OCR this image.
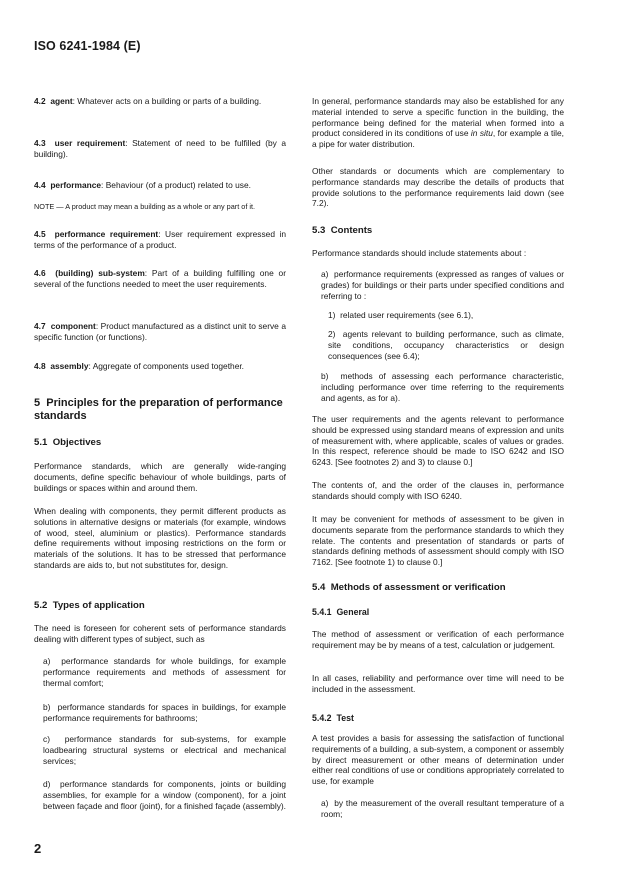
ISO 6241-1984 (E)

4.2 agent: Whatever acts on a building or parts of a building.

4.3 user requirement: Statement of need to be fulfilled (by a building).

4.4 performance: Behaviour (of a product) related to use.

NOTE — A product may mean a building as a whole or any part of it.

4.5 performance requirement: User requirement expressed in terms of the performance of a product.

4.6 (building) sub-system: Part of a building fulfilling one or several of the functions needed to meet the user requirements.

4.7 component: Product manufactured as a distinct unit to serve a specific function (or functions).

4.8 assembly: Aggregate of components used together.

5 Principles for the preparation of performance standards

5.1 Objectives

Performance standards, which are generally wide-ranging documents, define specific behaviour of whole buildings, parts of buildings or spaces within and around them.

When dealing with components, they permit different products as solutions in alternative designs or materials (for example, windows of wood, steel, aluminium or plastics). Performance standards define requirements without imposing restrictions on the form or materials of the solutions. It has to be stressed that performance standards are aids to, but not substitutes for, design.

5.2 Types of application

The need is foreseen for coherent sets of performance standards dealing with different types of subject, such as

a)  performance standards for whole buildings, for example performance requirements and methods of assessment for thermal comfort;

b)  performance standards for spaces in buildings, for example performance requirements for bathrooms;

c)  performance standards for sub-systems, for example loadbearing structural systems or electrical and mechanical services;

d)  performance standards for components, joints or building assemblies, for example for a window (component), for a joint between façade and floor (joint), for a finished façade (assembly).

In general, performance standards may also be established for any material intended to serve a specific function in the building, the performance being defined for the material when formed into a product considered in its conditions of use in situ, for example a tile, a pipe for water distribution.

Other standards or documents which are complementary to performance standards may describe the details of products that provide solutions to the performance requirements laid down (see 7.2).

5.3 Contents

Performance standards should include statements about :

a)  performance requirements (expressed as ranges of values or grades) for buildings or their parts under specified conditions and referring to :

1)  related user requirements (see 6.1),

2)  agents relevant to building performance, such as climate, site conditions, occupancy characteristics or design consequences (see 6.4);

b)  methods of assessing each performance characteristic, including performance over time referring to the requirements and agents, as for a).

The user requirements and the agents relevant to performance should be expressed using standard means of expression and units of measurement with, where applicable, scales of values or grades. In this respect, reference should be made to ISO 6242 and ISO 6243. [See footnotes 2) and 3) to clause 0.]

The contents of, and the order of the clauses in, performance standards should comply with ISO 6240.

It may be convenient for methods of assessment to be given in documents separate from the performance standards to which they relate. The contents and presentation of standards or parts of standards defining methods of assessment should comply with ISO 7162. [See footnote 1) to clause 0.]

5.4 Methods of assessment or verification

5.4.1 General

The method of assessment or verification of each performance requirement may be by means of a test, calculation or judgement.

In all cases, reliability and performance over time will need to be included in the assessment.

5.4.2 Test

A test provides a basis for assessing the satisfaction of functional requirements of a building, a sub-system, a component or assembly by direct measurement or other means of determination under either real conditions of use or conditions appropriately correlated to use, for example

a)  by the measurement of the overall resultant temperature of a room;

2
